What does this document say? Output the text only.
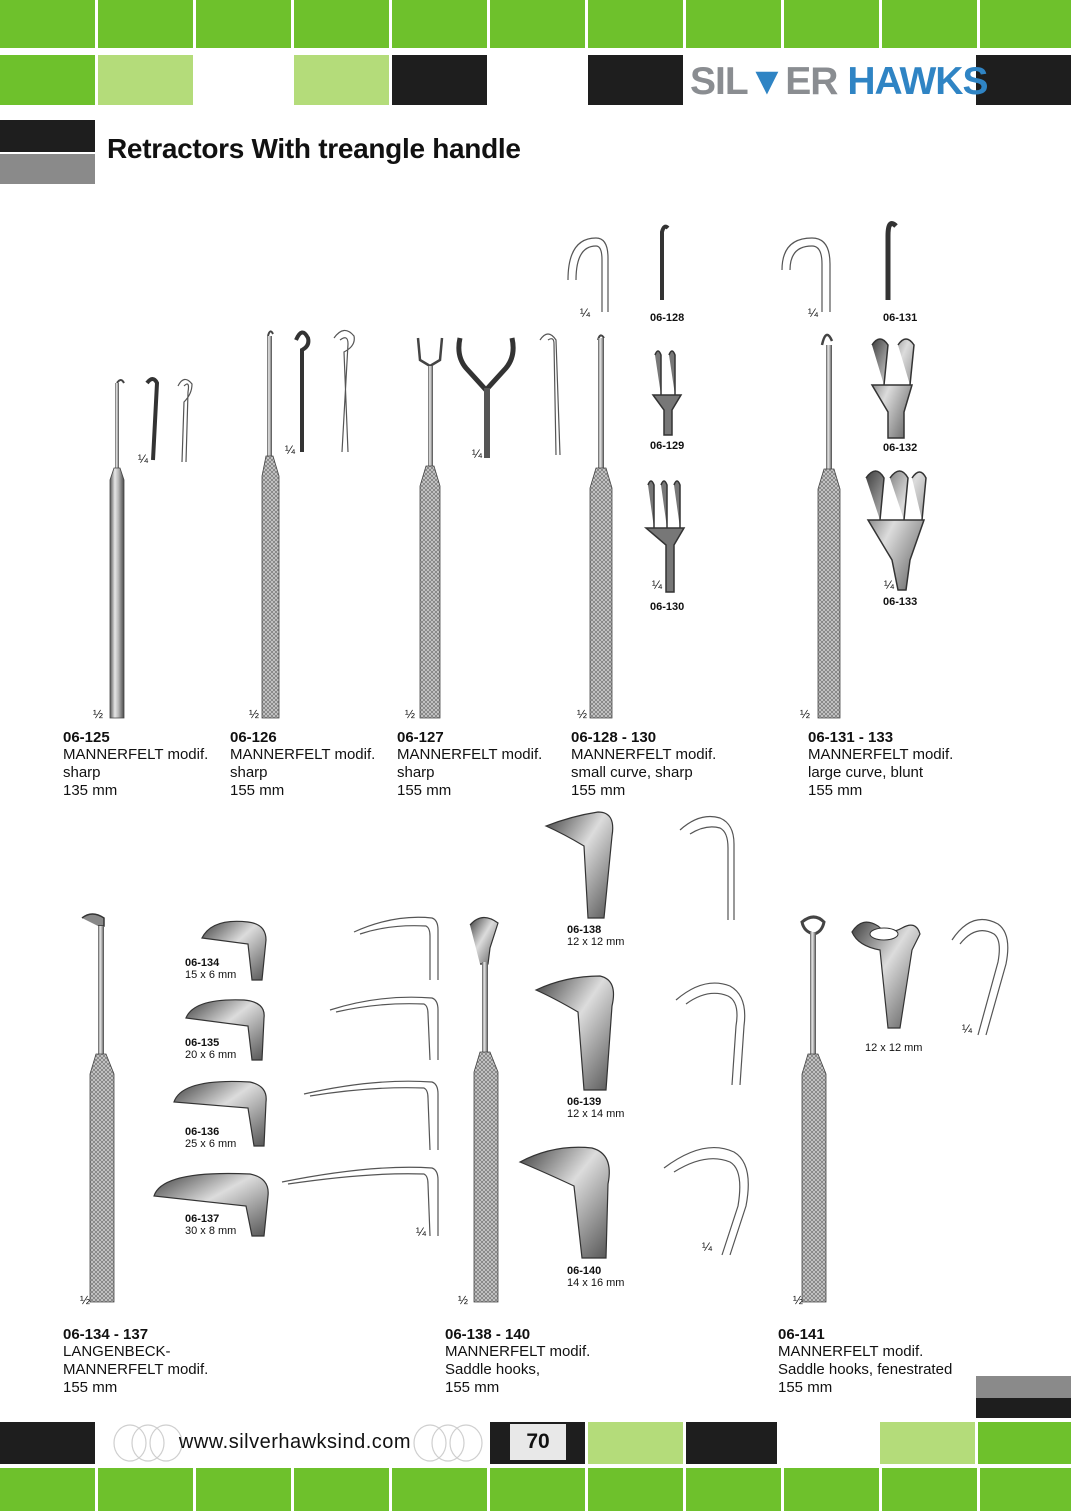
SIL▼ER HAWKS
Retractors With treangle handle
¼
¼	¼
¼
¼
¼
¼
½	½	½	½	½
¼
¼
¼
½	½	½
06-128
06-129
06-130
06-131
06-132
06-133
06-125
MANNERFELT modif.
sharp
135 mm
06-126
MANNERFELT modif.
sharp
155 mm
06-127
MANNERFELT modif.
sharp
155 mm
06-128 - 130
MANNERFELT modif.
small curve, sharp
155 mm
06-131 - 133
MANNERFELT modif.
large curve, blunt
155 mm
06-134
15 x 6 mm
06-135
20 x 6 mm
06-136
25 x 6 mm
06-137
30 x 8 mm
06-138
12 x 12 mm
06-139
12 x 14 mm
06-140
14 x 16 mm
12 x 12 mm
06-134 - 137
LANGENBECK-
MANNERFELT modif.
155 mm
06-138 - 140
MANNERFELT modif.
Saddle hooks,
155 mm
06-141
MANNERFELT modif.
Saddle hooks, fenestrated
155 mm
www.silverhawksind.com	70
